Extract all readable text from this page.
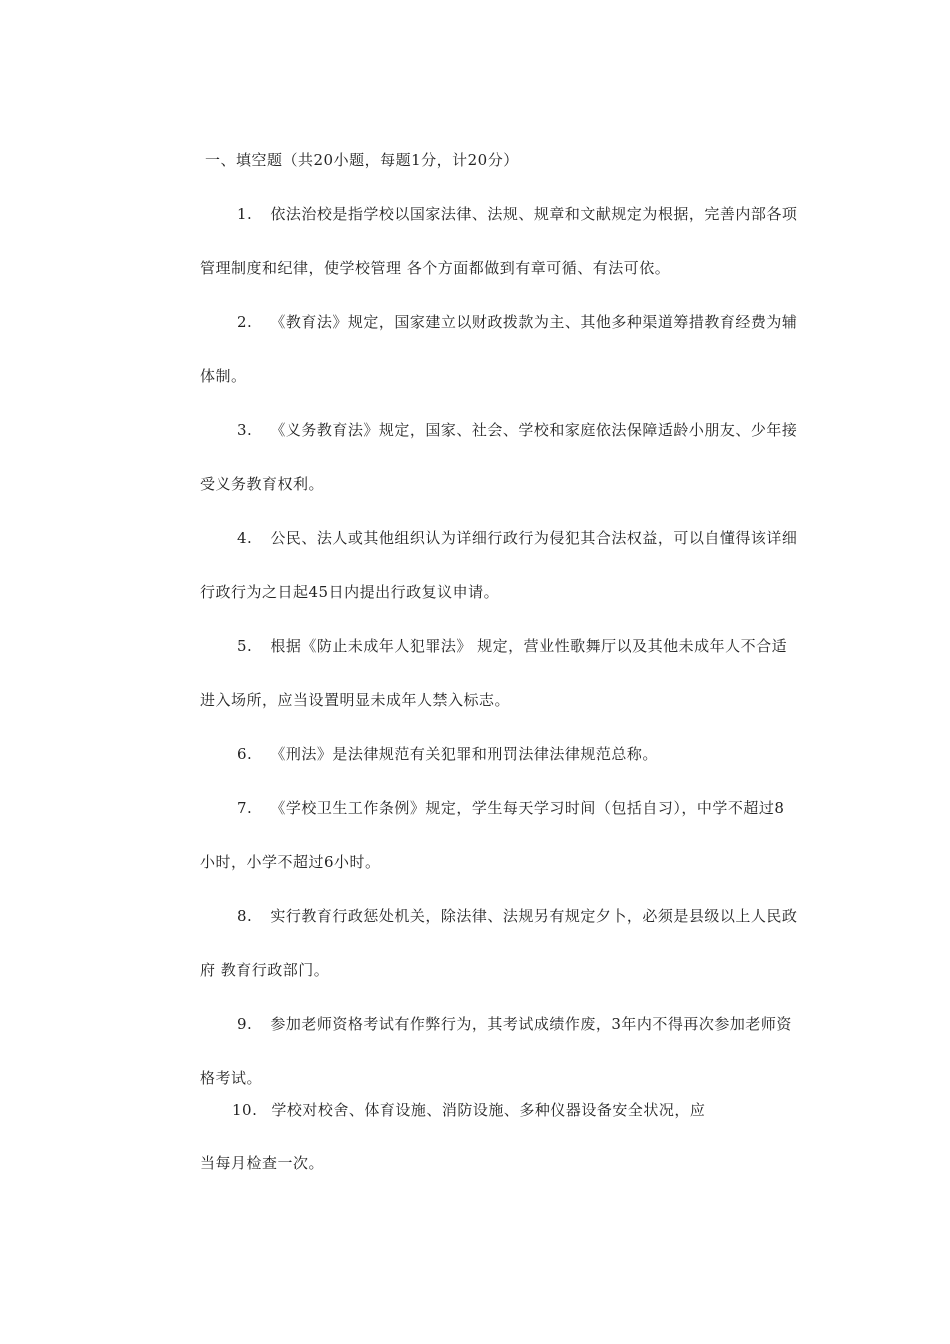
一、填空题（共20小题，每题1分，计20分）
1. 依法治校是指学校以国家法律、法规、规章和文献规定为根据，完善内部各项
管理制度和纪律，使学校管理 各个方面都做到有章可循、有法可依。
2. 《教育法》规定，国家建立以财政拨款为主、其他多种渠道筹措教育经费为辅
体制。
3. 《义务教育法》规定，国家、社会、学校和家庭依法保障适龄小朋友、少年接
受义务教育权利。
4. 公民、法人或其他组织认为详细行政行为侵犯其合法权益，可以自懂得该详细
行政行为之日起45日内提出行政复议申请。
5. 根据《防止未成年人犯罪法》 规定，营业性歌舞厅以及其他未成年人不合适
进入场所，应当设置明显未成年人禁入标志。
6. 《刑法》是法律规范有关犯罪和刑罚法律法律规范总称。
7. 《学校卫生工作条例》规定，学生每天学习时间（包括自习），中学不超过8
小时，小学不超过6小时。
8. 实行教育行政惩处机关，除法律、法规另有规定夕卜，必须是县级以上人民政
府 教育行政部门。
9. 参加老师资格考试有作弊行为，其考试成绩作废，3年内不得再次参加老师资
格考试。
10. 学校对校舍、体育设施、消防设施、多种仪器设备安全状况，应
当每月检查一次。
